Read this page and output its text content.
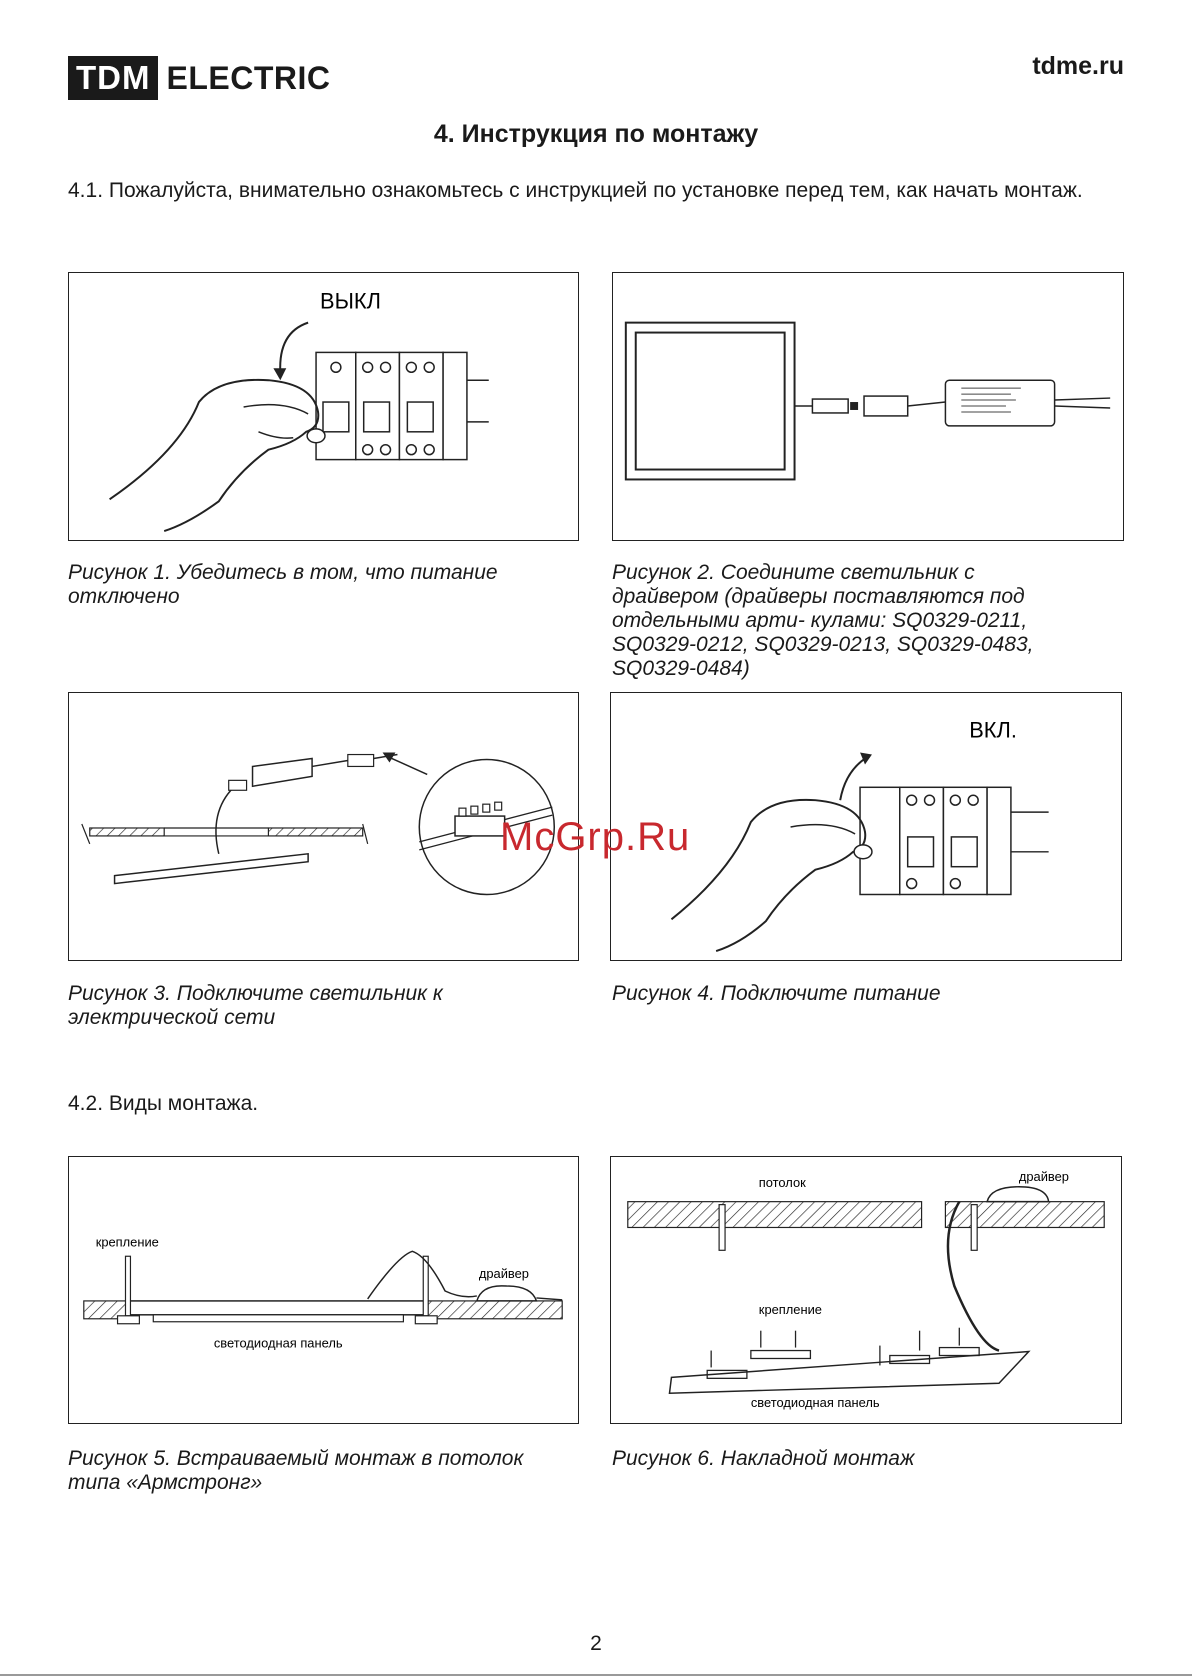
TDM ELECTRIC	tdme.ru
4. Инструкция по монтажу
4.1. Пожалуйста, внимательно ознакомьтесь с инструкцией по установке перед тем, как начать монтаж.
ВЫКЛ
Рисунок 1. Убедитесь в том, что питание отключено
Рисунок 2. Соедините светильник с драйвером (драйверы поставляются под отдельными арти- кулами: SQ0329-0211, SQ0329-0212, SQ0329-0213, SQ0329-0483, SQ0329-0484)
Рисунок 3. Подключите светильник к электрической сети
ВКЛ.
Рисунок 4. Подключите питание
McGrp.Ru
4.2. Виды монтажа.
крепление
драйвер
светодиодная панель
Рисунок 5. Встраиваемый монтаж в потолок типа «Армстронг»
потолок	драйвер
крепление
светодиодная панель
Рисунок 6. Накладной монтаж
2
